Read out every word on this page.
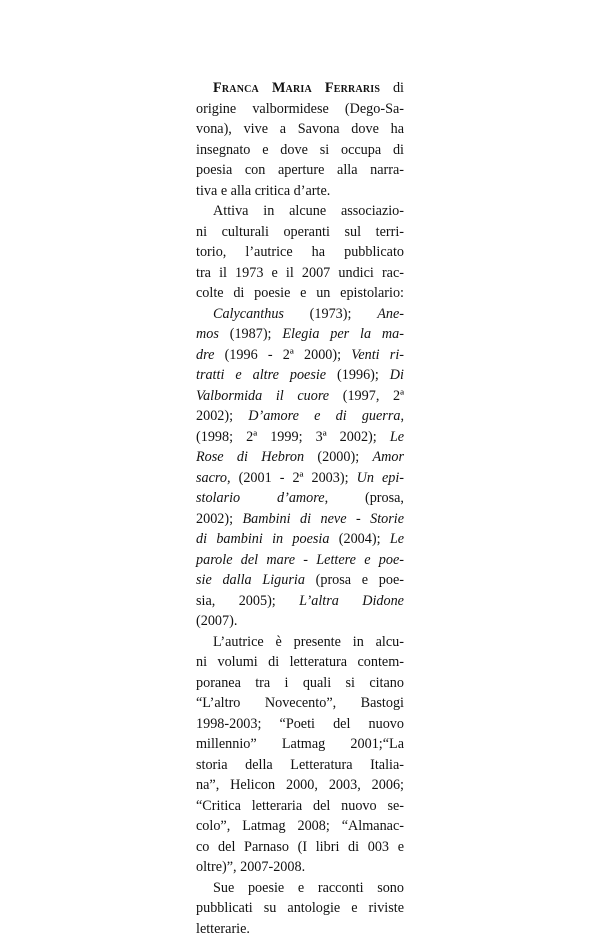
Franca Maria Ferraris di
origine valbormidese (Dego-Sa-
vona), vive a Savona dove ha
insegnato e dove si occupa di
poesia con aperture alla narra-
tiva e alla critica d’arte.
Attiva in alcune associazio-
ni culturali operanti sul terri-
torio, l’autrice ha pubblicato
tra il 1973 e il 2007 undici rac-
colte di poesie e un epistolario:
Calycanthus (1973); Ane-
mos (1987); Elegia per la ma-
dre (1996 - 2ª 2000); Venti ri-
tratti e altre poesie (1996); Di
Valbormida il cuore (1997, 2ª
2002); D’amore e di guerra,
(1998; 2ª 1999; 3ª 2002); Le
Rose di Hebron (2000); Amor
sacro, (2001 - 2ª 2003); Un epi-
stolario d’amore, (prosa,
2002); Bambini di neve - Storie
di bambini in poesia (2004); Le
parole del mare - Lettere e poe-
sie dalla Liguria (prosa e poe-
sia, 2005); L’altra Didone
(2007).
L’autrice è presente in alcu-
ni volumi di letteratura contem-
poranea tra i quali si citano
“L’altro Novecento”, Bastogi
1998-2003; “Poeti del nuovo
millennio” Latmag 2001;“La
storia della Letteratura Italia-
na”, Helicon 2000, 2003, 2006;
“Critica letteraria del nuovo se-
colo”, Latmag 2008; “Almanac-
co del Parnaso (I libri di 003 e
oltre)”, 2007-2008.
Sue poesie e racconti sono
pubblicati su antologie e riviste
letterarie.
